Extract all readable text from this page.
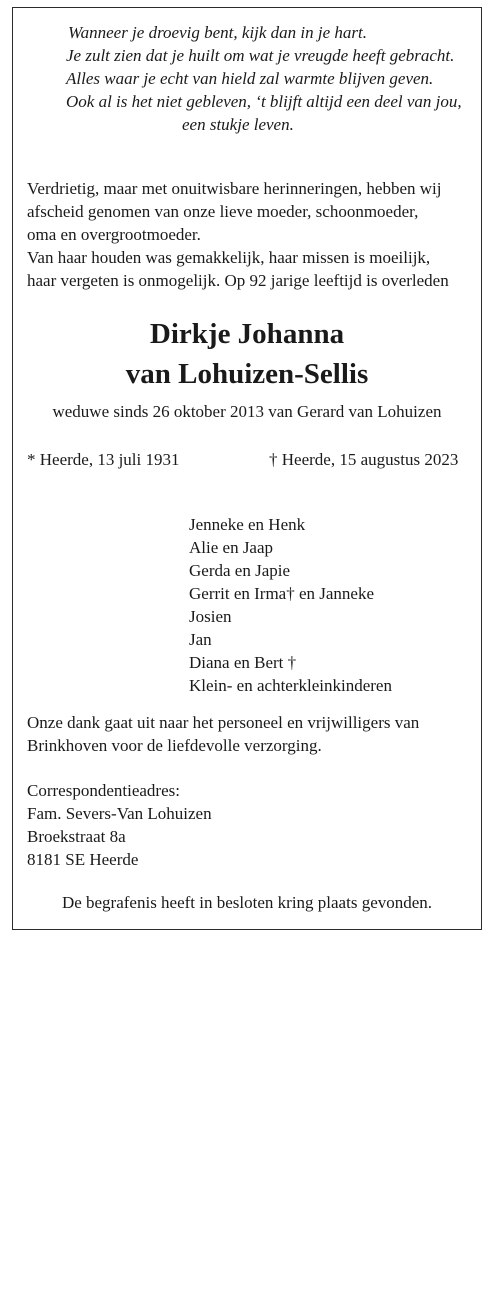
Wanneer je droevig bent, kijk dan in je hart.
Je zult zien dat je huilt om wat je vreugde heeft gebracht.
Alles waar je echt van hield zal warmte blijven geven.
Ook al is het niet gebleven, ‘t blijft altijd een deel van jou,
een stukje leven.
Verdrietig, maar met onuitwisbare herinneringen, hebben wij
afscheid genomen van onze lieve moeder, schoonmoeder,
oma en overgrootmoeder.
Van haar houden was gemakkelijk, haar missen is moeilijk,
haar vergeten is onmogelijk. Op 92 jarige leeftijd is overleden
Dirkje Johanna
van Lohuizen-Sellis
weduwe sinds 26 oktober 2013 van Gerard van Lohuizen
* Heerde, 13 juli 1931	† Heerde, 15 augustus 2023
Jenneke en Henk
Alie en Jaap
Gerda en Japie
Gerrit en Irma† en Janneke
Josien
Jan
Diana en Bert †
Klein- en achterkleinkinderen
Onze dank gaat uit naar het personeel en vrijwilligers van
Brinkhoven voor de liefdevolle verzorging.
Correspondentieadres:
Fam. Severs-Van Lohuizen
Broekstraat 8a
8181 SE Heerde
De begrafenis heeft in besloten kring plaats gevonden.
